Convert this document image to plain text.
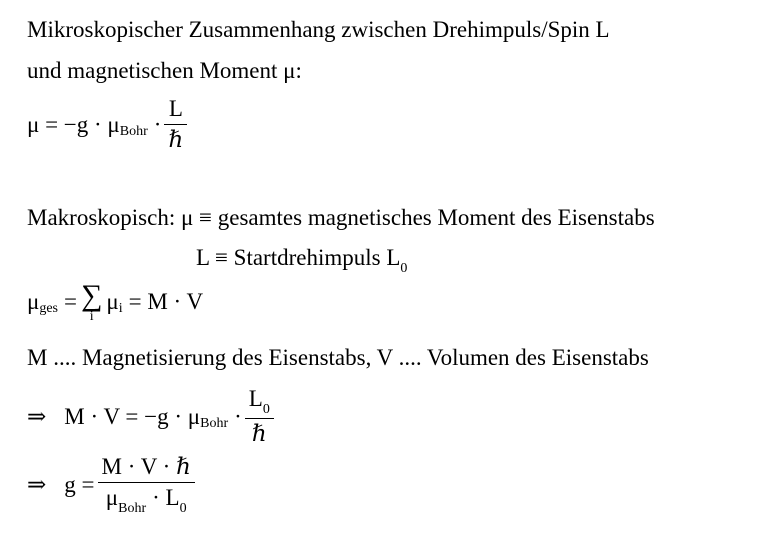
Mikroskopischer Zusammenhang zwischen Drehimpuls/Spin L
und magnetischen Moment μ:
μ = −g · μ Bohr · $\frac{L}{\text{ℏ}}$
Makroskopisch: μ ≡ gesamtes magnetisches Moment des Eisenstabs
L ≡ Startdrehimpuls $L_0$
μ ges = ∑
i
μ i = M · V
M .... Magnetisierung des Eisenstabs, V .... Volumen des Eisenstabs
⇒ M · V = −g · μ Bohr · $\frac{L_0}{\text{ℏ}}$
⇒ $g = \frac{\text{M · V · ℏ}}{\mu_{Bohr} \cdot L_0}$
